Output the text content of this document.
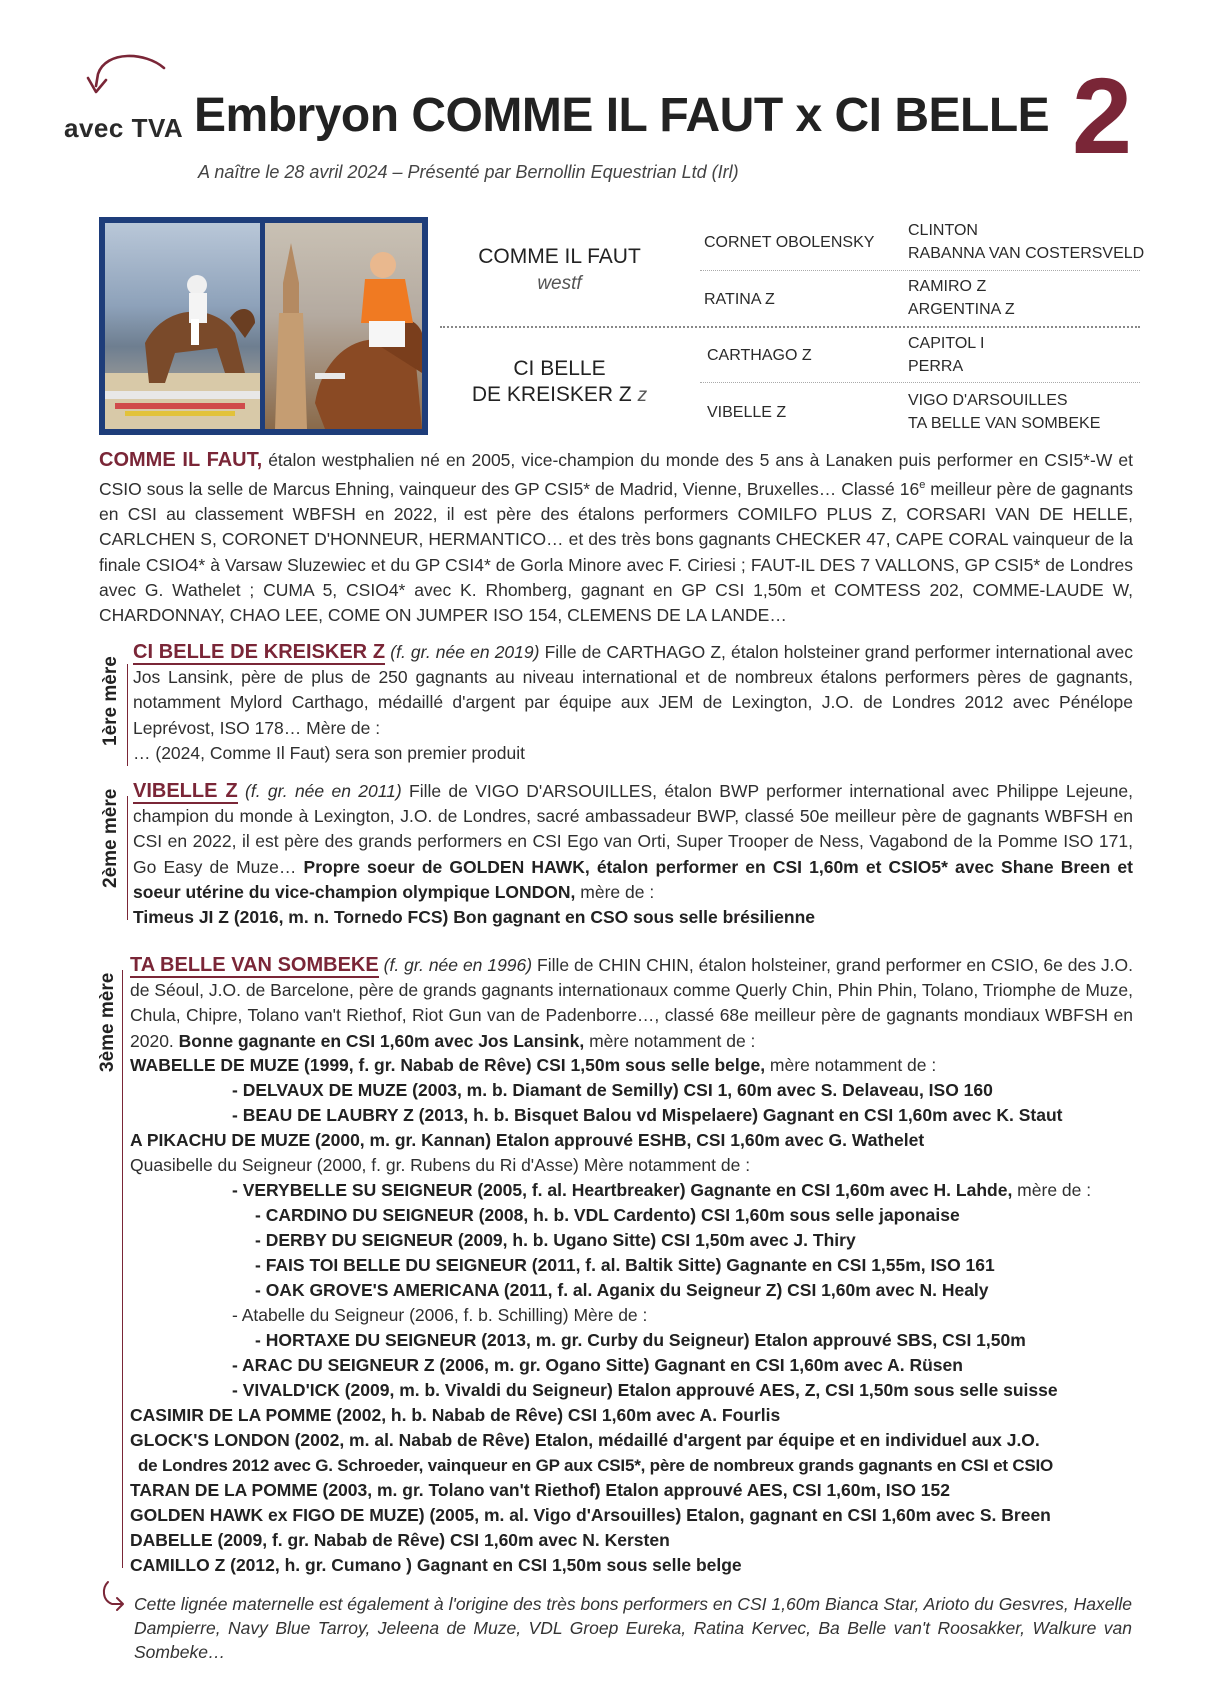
avec TVA Embryon COMME IL FAUT x CI BELLE 2
A naître le 28 avril 2024 – Présenté par Bernollin Equestrian Ltd (Irl)
COMME IL FAUT
westf
CI BELLE
DE KREISKER Z z
CORNET OBOLENSKY
RATINA Z
CARTHAGO Z
VIBELLE Z
CLINTON
RABANNA VAN COSTERSVELD
RAMIRO Z
ARGENTINA Z
CAPITOL I
PERRA
VIGO D'ARSOUILLES
TA BELLE VAN SOMBEKE
COMME IL FAUT, étalon westphalien né en 2005, vice-champion du monde des 5 ans à Lanaken puis performer en CSI5*-W et CSIO sous la selle de Marcus Ehning, vainqueur des GP CSI5* de Madrid, Vienne, Bruxelles… Classé 16e meilleur père de gagnants en CSI au classement WBFSH en 2022, il est père des étalons performers COMILFO PLUS Z, CORSARI VAN DE HELLE, CARLCHEN S, CORONET D'HONNEUR, HERMANTICO… et des très bons gagnants CHECKER 47, CAPE CORAL vainqueur de la finale CSIO4* à Varsaw Sluzewiec et du GP CSI4* de Gorla Minore avec F. Ciriesi ; FAUT-IL DES 7 VALLONS, GP CSI5* de Londres avec G. Wathelet ; CUMA 5, CSIO4* avec K. Rhomberg, gagnant en GP CSI 1,50m et COMTESS 202, COMME-LAUDE W, CHARDONNAY, CHAO LEE, COME ON JUMPER ISO 154, CLEMENS DE LA LANDE…
1ère mère
CI BELLE DE KREISKER Z (f. gr. née en 2019) Fille de CARTHAGO Z, étalon holsteiner grand performer international avec Jos Lansink, père de plus de 250 gagnants au niveau international et de nombreux étalons performers pères de gagnants, notamment Mylord Carthago, médaillé d'argent par équipe aux JEM de Lexington, J.O. de Londres 2012 avec Pénélope Leprévost, ISO 178… Mère de :
… (2024, Comme Il Faut) sera son premier produit
2ème mère VIBELLE Z (f. gr. née en 2011) Fille de VIGO D'ARSOUILLES, étalon BWP performer international avec Philippe Lejeune, champion du monde à Lexington, J.O. de Londres, sacré ambassadeur BWP, classé 50e meilleur père de gagnants WBFSH en CSI en 2022, il est père des grands performers en CSI Ego van Orti, Super Trooper de Ness, Vagabond de la Pomme ISO 171, Go Easy de Muze… Propre soeur de GOLDEN HAWK, étalon performer en CSI 1,60m et CSIO5* avec Shane Breen et soeur utérine du vice-champion olympique LONDON, mère de :
Timeus JI Z (2016, m. n. Tornedo FCS) Bon gagnant en CSO sous selle brésilienne
3ème mère
TA BELLE VAN SOMBEKE (f. gr. née en 1996) Fille de CHIN CHIN, étalon holsteiner, grand performer en CSIO, 6e des J.O. de Séoul, J.O. de Barcelone, père de grands gagnants internationaux comme Querly Chin, Phin Phin, Tolano, Triomphe de Muze, Chula, Chipre, Tolano van't Riethof, Riot Gun van de Padenborre…, classé 68e meilleur père de gagnants mondiaux WBFSH en 2020. Bonne gagnante en CSI 1,60m avec Jos Lansink, mère notamment de :
WABELLE DE MUZE (1999, f. gr. Nabab de Rêve) CSI 1,50m sous selle belge, mère notamment de :
- DELVAUX DE MUZE (2003, m. b. Diamant de Semilly) CSI 1, 60m avec S. Delaveau, ISO 160
- BEAU DE LAUBRY Z (2013, h. b. Bisquet Balou vd Mispelaere) Gagnant en CSI 1,60m avec K. Staut
A PIKACHU DE MUZE (2000, m. gr. Kannan) Etalon approuvé ESHB, CSI 1,60m avec G. Wathelet
Quasibelle du Seigneur (2000, f. gr. Rubens du Ri d'Asse) Mère notamment de :
- VERYBELLE SU SEIGNEUR (2005, f. al. Heartbreaker) Gagnante en CSI 1,60m avec H. Lahde, mère de :
- CARDINO DU SEIGNEUR (2008, h. b. VDL Cardento) CSI 1,60m sous selle japonaise
- DERBY DU SEIGNEUR (2009, h. b. Ugano Sitte) CSI 1,50m avec J. Thiry
- FAIS TOI BELLE DU SEIGNEUR (2011, f. al. Baltik Sitte) Gagnante en CSI 1,55m, ISO 161
- OAK GROVE'S AMERICANA (2011, f. al. Aganix du Seigneur Z) CSI 1,60m avec N. Healy
- Atabelle du Seigneur (2006, f. b. Schilling) Mère de :
- HORTAXE DU SEIGNEUR (2013, m. gr. Curby du Seigneur) Etalon approuvé SBS, CSI 1,50m
- ARAC DU SEIGNEUR Z (2006, m. gr. Ogano Sitte) Gagnant en CSI 1,60m avec A. Rüsen
- VIVALD'ICK (2009, m. b. Vivaldi du Seigneur) Etalon approuvé AES, Z, CSI 1,50m sous selle suisse
CASIMIR DE LA POMME (2002, h. b. Nabab de Rêve) CSI 1,60m avec A. Fourlis
GLOCK'S LONDON (2002, m. al. Nabab de Rêve) Etalon, médaillé d'argent par équipe et en individuel aux J.O.
de Londres 2012 avec G. Schroeder, vainqueur en GP aux CSI5*, père de nombreux grands gagnants en CSI et CSIO
TARAN DE LA POMME (2003, m. gr. Tolano van't Riethof) Etalon approuvé AES, CSI 1,60m, ISO 152
GOLDEN HAWK ex FIGO DE MUZE) (2005, m. al. Vigo d'Arsouilles) Etalon, gagnant en CSI 1,60m avec S. Breen
DABELLE (2009, f. gr. Nabab de Rêve) CSI 1,60m avec N. Kersten
CAMILLO Z (2012, h. gr. Cumano ) Gagnant en CSI 1,50m sous selle belge
Cette lignée maternelle est également à l'origine des très bons performers en CSI 1,60m Bianca Star, Arioto du Gesvres, Haxelle Dampierre, Navy Blue Tarroy, Jeleena de Muze, VDL Groep Eureka, Ratina Kervec, Ba Belle van't Roosakker, Walkure van Sombeke…
